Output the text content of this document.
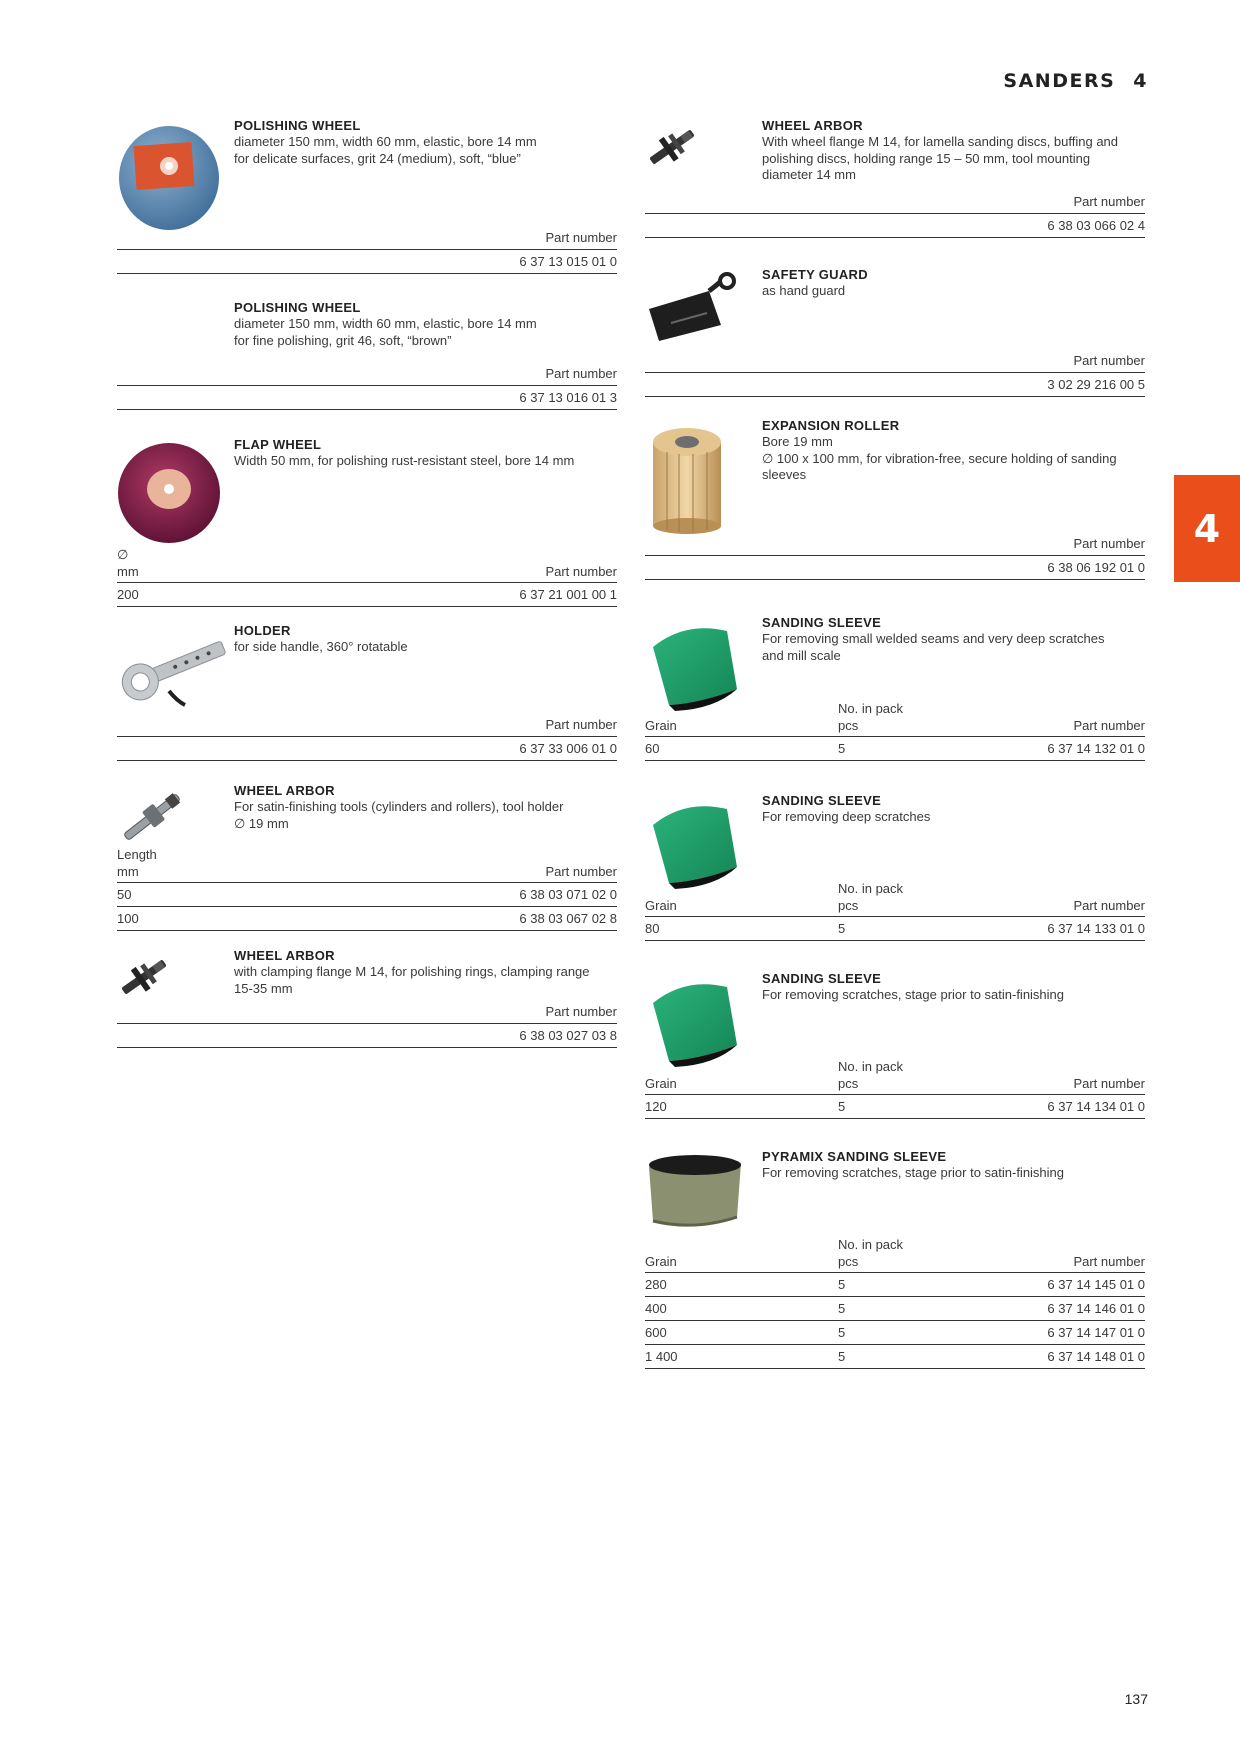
SANDERS 4
4
POLISHING WHEEL
diameter 150 mm, width 60 mm, elastic, bore 14 mm
for delicate surfaces, grit 24 (medium), soft, “blue”
	Part number
	6 37 13 015 01 0
POLISHING WHEEL
diameter 150 mm, width 60 mm, elastic, bore 14 mm
for fine polishing, grit 46, soft, “brown”
	Part number
	6 37 13 016 01 3
FLAP WHEEL
Width 50 mm, for polishing rust-resistant steel, bore 14 mm
∅
mm	Part number
200	6 37 21 001 00 1
HOLDER
for side handle, 360° rotatable
	Part number
	6 37 33 006 01 0
WHEEL ARBOR
For satin-finishing tools (cylinders and rollers), tool holder
∅ 19 mm
Length
mm	Part number
50	6 38 03 071 02 0
100	6 38 03 067 02 8
WHEEL ARBOR
with clamping flange M 14, for polishing rings, clamping range
15-35 mm
	Part number
	6 38 03 027 03 8
WHEEL ARBOR
With wheel flange M 14, for lamella sanding discs, buffing and
polishing discs, holding range 15 – 50 mm, tool mounting
diameter 14 mm
		Part number
		6 38 03 066 02 4
SAFETY GUARD
as hand guard
		Part number
		3 02 29 216 00 5
EXPANSION ROLLER
Bore 19 mm
∅ 100 x 100 mm, for vibration-free, secure holding of sanding
sleeves
		Part number
		6 38 06 192 01 0
SANDING SLEEVE
For removing small welded seams and very deep scratches
and mill scale
Grain	No. in pack
pcs	Part number
60	5	6 37 14 132 01 0
SANDING SLEEVE
For removing deep scratches
Grain	No. in pack
pcs	Part number
80	5	6 37 14 133 01 0
SANDING SLEEVE
For removing scratches, stage prior to satin-finishing
Grain	No. in pack
pcs	Part number
120	5	6 37 14 134 01 0
PYRAMIX SANDING SLEEVE
For removing scratches, stage prior to satin-finishing
Grain	No. in pack
pcs	Part number
280	5	6 37 14 145 01 0
400	5	6 37 14 146 01 0
600	5	6 37 14 147 01 0
1 400	5	6 37 14 148 01 0
137
